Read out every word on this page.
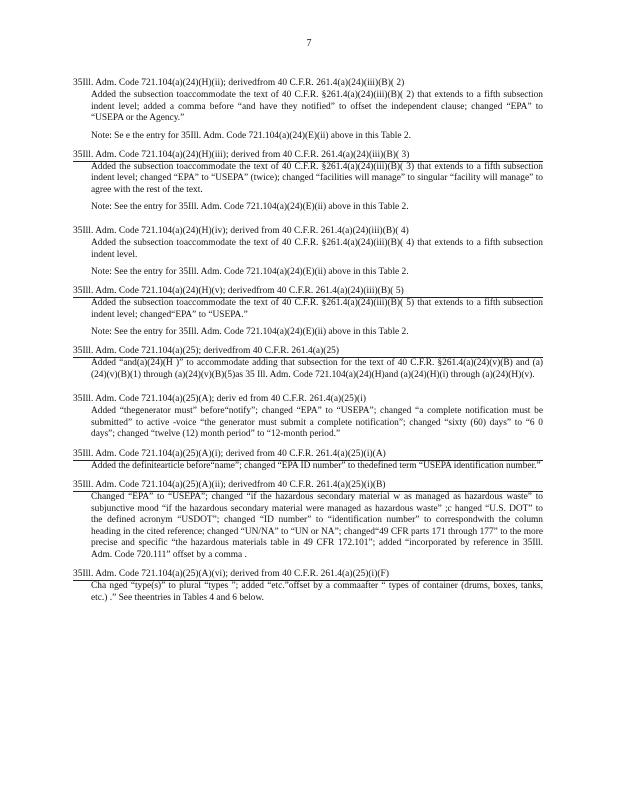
7
35Ill. Adm. Code 721.104(a)(24)(H)(ii); derivedfrom 40 C.F.R. 261.4(a)(24)(iii)(B)( 2)
Added the subsection toaccommodate the text of 40 C.F.R. §261.4(a)(24)(iii)(B)( 2) that extends to a fifth subsection indent level; added a comma before “and have they notified” to offset the independent clause; changed “EPA” to “USEPA or the Agency.”
Note: Se e the entry for 35Ill. Adm. Code 721.104(a)(24)(E)(ii) above in this Table 2.
35Ill. Adm. Code 721.104(a)(24)(H)(iii); derived from 40 C.F.R. 261.4(a)(24)(iii)(B)( 3)
Added the subsection toaccommodate the text of 40 C.F.R. §261.4(a)(24)(iii)(B)( 3) that extends to a fifth subsection indent level; changed “EPA” to “USEPA” (twice); changed “facilities will manage” to singular “facility will manage” to agree with the rest of the text.
Note: See the entry for 35Ill. Adm. Code 721.104(a)(24)(E)(ii) above in this Table 2.
35Ill. Adm. Code 721.104(a)(24)(H)(iv); derived from 40 C.F.R. 261.4(a)(24)(iii)(B)( 4)
Added the subsection toaccommodate the text of 40 C.F.R. §261.4(a)(24)(iii)(B)( 4) that extends to a fifth subsection indent level.
Note: See the entry for 35Ill. Adm. Code 721.104(a)(24)(E)(ii) above in this Table 2.
35Ill. Adm. Code 721.104(a)(24)(H)(v); derivedfrom 40 C.F.R. 261.4(a)(24)(iii)(B)( 5)
Added the subsection toaccommodate the text of 40 C.F.R. §261.4(a)(24)(iii)(B)( 5) that extends to a fifth subsection indent level; changed“EPA” to “USEPA.”
Note: See the entry for 35Ill. Adm. Code 721.104(a)(24)(E)(ii) above in this Table 2.
35Ill. Adm. Code 721.104(a)(25); derivedfrom 40 C.F.R. 261.4(a)(25)
Added “and(a)(24)(H )” to accommodate adding that subsection for the text of 40 C.F.R. §261.4(a)(24)(v)(B) and (a)(24)(v)(B)(1) through (a)(24)(v)(B)(5)as 35 Ill. Adm. Code 721.104(a)(24)(H)and (a)(24)(H)(i) through (a)(24)(H)(v).
35Ill. Adm. Code 721.104(a)(25)(A); deriv ed from 40 C.F.R. 261.4(a)(25)(i)
Added “thegenerator must” before“notify”; changed “EPA” to “USEPA”; changed “a complete notification must be submitted” to active -voice “the generator must submit a complete notification”; changed “sixty (60) days” to “6 0 days”; changed “twelve (12) month period” to “12-month period.”
35Ill. Adm. Code 721.104(a)(25)(A)(i); derived from 40 C.F.R. 261.4(a)(25)(i)(A)
Added the definitearticle before“name”; changed “EPA ID number” to thedefined term “USEPA identification number.”
35Ill. Adm. Code 721.104(a)(25)(A)(ii); derivedfrom 40 C.F.R. 261.4(a)(25)(i)(B)
Changed “EPA” to “USEPA”; changed “if the hazardous secondary material w as managed as hazardous waste” to subjunctive mood “if the hazardous secondary material were managed as hazardous waste” ;c hanged “U.S. DOT” to the defined acronym “USDOT”; changed “ID number” to “identification number” to correspondwith the column heading in the cited reference; changed “UN/NA” to “UN or NA”; changed“49 CFR parts 171 through 177” to the more precise and specific “the hazardous materials table in 49 CFR 172.101”; added “incorporated by reference in 35Ill. Adm. Code 720.111” offset by a comma .
35Ill. Adm. Code 721.104(a)(25)(A)(vi); derived from 40 C.F.R. 261.4(a)(25)(i)(F)
Cha nged “type(s)” to plural “types ”; added “etc.”offset by a commaafter “ types of container (drums, boxes, tanks, etc.) .” See theentries in Tables 4 and 6 below.
